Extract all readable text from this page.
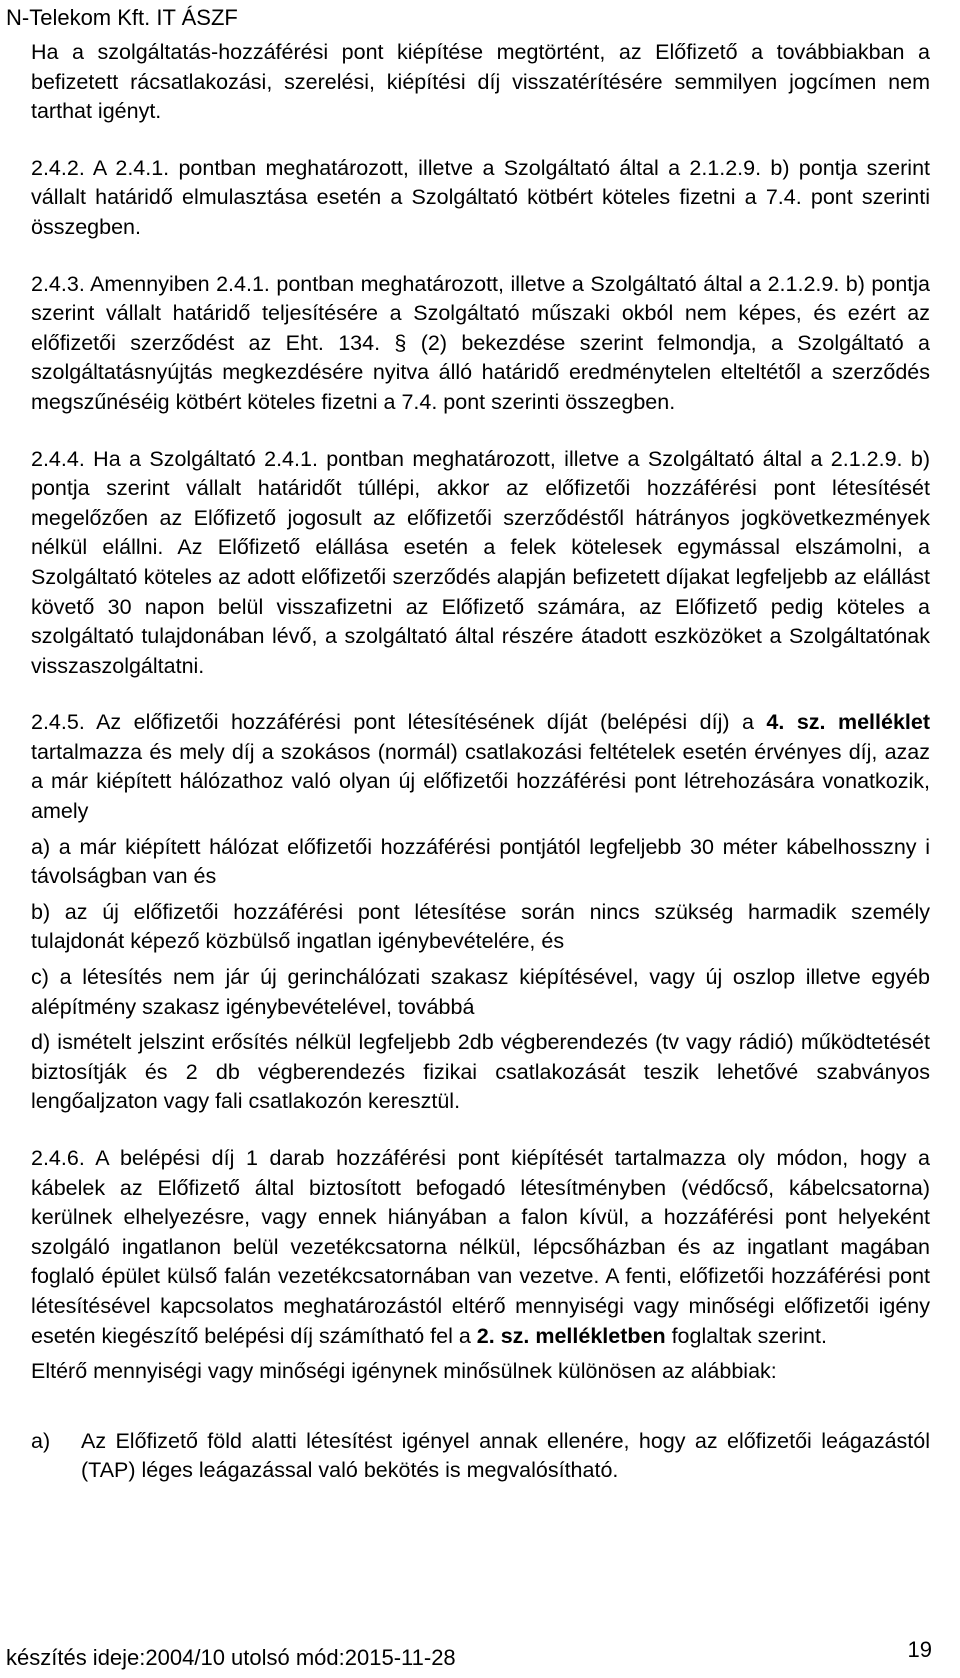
N-Telekom Kft. IT ÁSZF

Ha a szolgáltatás-hozzáférési pont kiépítése megtörtént, az Előfizető a továbbiakban a befizetett rácsatlakozási, szerelési, kiépítési díj visszatérítésére semmilyen jogcímen nem tarthat igényt.

2.4.2. A 2.4.1. pontban meghatározott, illetve a Szolgáltató által a 2.1.2.9. b) pontja szerint vállalt határidő elmulasztása esetén a Szolgáltató kötbért köteles fizetni a 7.4. pont szerinti összegben.

2.4.3. Amennyiben 2.4.1. pontban meghatározott, illetve a Szolgáltató által a 2.1.2.9. b) pontja szerint vállalt határidő teljesítésére a Szolgáltató műszaki okból nem képes, és ezért az előfizetői szerződést az Eht. 134. § (2) bekezdése szerint felmondja, a Szolgáltató a szolgáltatásnyújtás megkezdésére nyitva álló határidő eredménytelen elteltétől a szerződés megszűnéséig kötbért köteles fizetni a 7.4. pont szerinti összegben.

2.4.4. Ha a Szolgáltató 2.4.1. pontban meghatározott, illetve a Szolgáltató által a 2.1.2.9. b) pontja szerint vállalt határidőt túllépi, akkor az előfizetői hozzáférési pont létesítését megelőzően az Előfizető jogosult az előfizetői szerződéstől hátrányos jogkövetkezmények nélkül elállni. Az Előfizető elállása esetén a felek kötelesek egymással elszámolni, a Szolgáltató köteles az adott előfizetői szerződés alapján befizetett díjakat legfeljebb az elállást követő 30 napon belül visszafizetni az Előfizető számára, az Előfizető pedig köteles a szolgáltató tulajdonában lévő, a szolgáltató által részére átadott eszközöket a Szolgáltatónak visszaszolgáltatni.

2.4.5. Az előfizetői hozzáférési pont létesítésének díját (belépési díj) a 4. sz. melléklet tartalmazza és mely díj a szokásos (normál) csatlakozási feltételek esetén érvényes díj, azaz a már kiépített hálózathoz való olyan új előfizetői hozzáférési pont létrehozására vonatkozik, amely

a) a már kiépített hálózat előfizetői hozzáférési pontjától legfeljebb 30 méter kábelhosszny i távolságban van és

b) az új előfizetői hozzáférési pont létesítése során nincs szükség harmadik személy tulajdonát képező közbülső ingatlan igénybevételére, és

c) a létesítés nem jár új gerinchálózati szakasz kiépítésével, vagy új oszlop illetve egyéb alépítmény szakasz igénybevételével, továbbá

d) ismételt jelszint erősítés nélkül legfeljebb 2db végberendezés (tv vagy rádió) működtetését biztosítják és 2 db végberendezés fizikai csatlakozását teszik lehetővé szabványos lengőaljzaton vagy fali csatlakozón keresztül.

2.4.6. A belépési díj 1 darab hozzáférési pont kiépítését tartalmazza oly módon, hogy a kábelek az Előfizető által biztosított befogadó létesítményben (védőcső, kábelcsatorna) kerülnek elhelyezésre, vagy ennek hiányában a falon kívül, a hozzáférési pont helyeként szolgáló ingatlanon belül vezetékcsatorna nélkül, lépcsőházban és az ingatlant magában foglaló épület külső falán vezetékcsatornában van vezetve. A fenti, előfizetői hozzáférési pont létesítésével kapcsolatos meghatározástól eltérő mennyiségi vagy minőségi előfizetői igény esetén kiegészítő belépési díj számítható fel a 2. sz. mellékletben foglaltak szerint.

Eltérő mennyiségi vagy minőségi igénynek minősülnek különösen az alábbiak:

a)	Az Előfizető föld alatti létesítést igényel annak ellenére, hogy az előfizetői leágazástól (TAP) léges leágazással való bekötés is megvalósítható.
készítés ideje:2004/10 utolsó mód:2015-11-28	19
